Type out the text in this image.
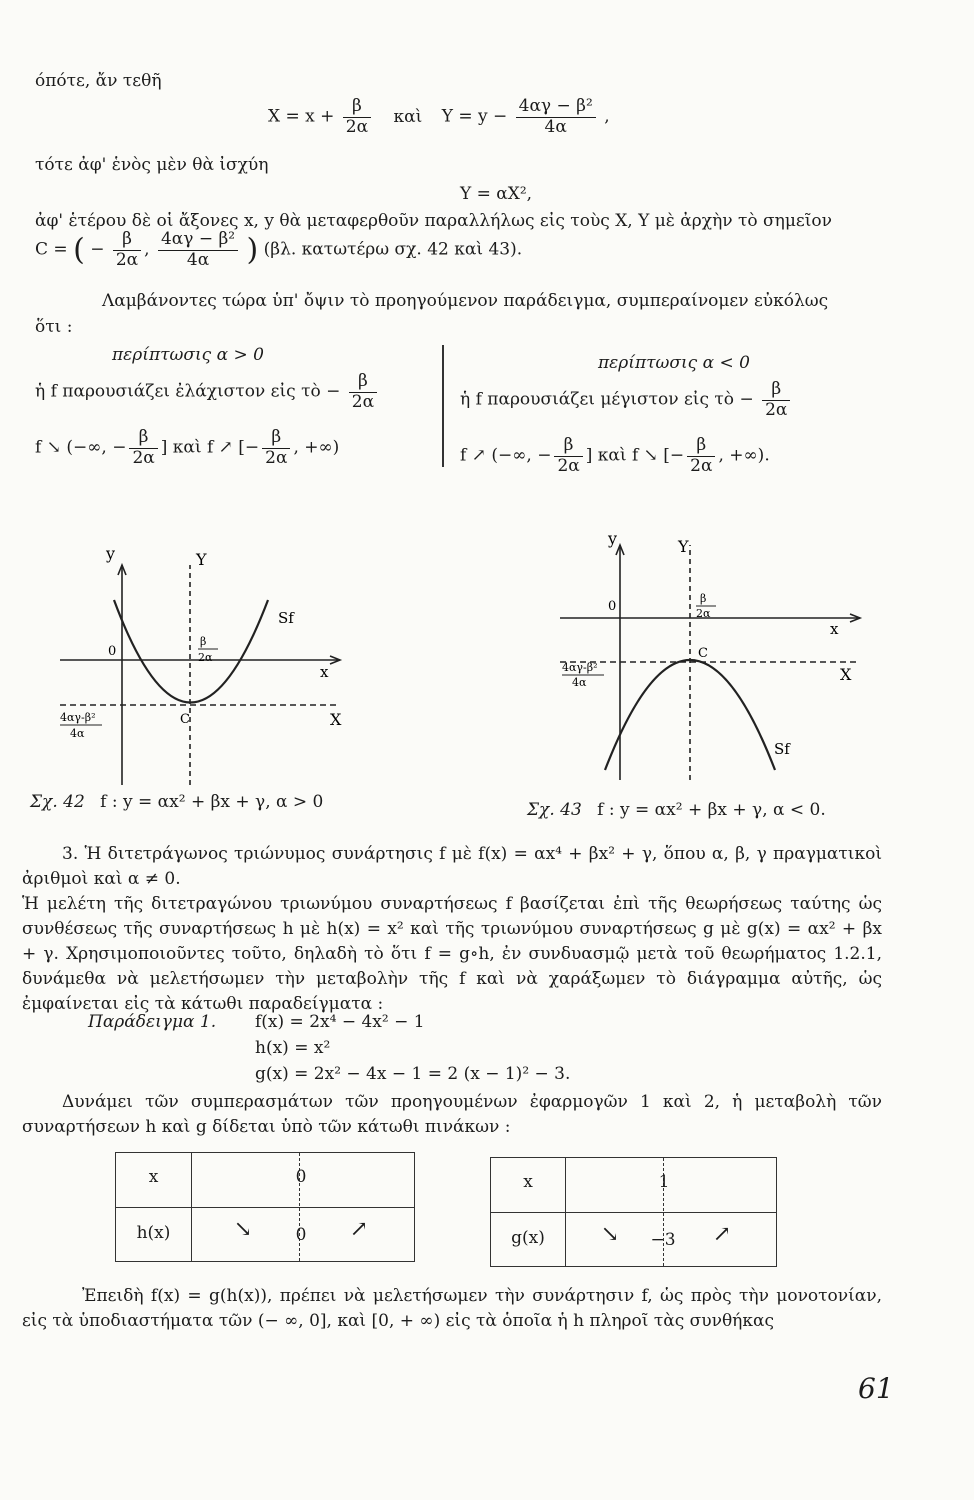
όπότε, ἄν τεθῆ
$X = x + \frac{\beta}{2\alpha}$ καὶ $Y = y - \frac{\text{4αγ − β²}}{4\alpha}$ ,
τότε ἀφ' ἑνὸς μὲν θὰ ἰσχύη
Y = αX²,
ἀφ' ἑτέρου δὲ οἱ ἄξονες x, y θὰ μεταφερθοῦν παραλλήλως εἰς τοὺς X, Y μὲ ἀρχὴν τὸ σημεῖον
C = ( − $\frac{\beta}{2\alpha}$ , $\frac{\text{4αγ − β²}}{4\alpha}$ ) (βλ. κατωτέρω σχ. 42 καὶ 43).
Λαμβάνοντες τώρα ὑπ' ὄψιν τὸ προηγούμενον παράδειγμα, συμπεραίνομεν εὐκόλως
ὅτι :
περίπτωσις α > 0
ἡ f παρουσιάζει ἐλάχιστον εἰς τὸ − $\frac{\beta}{2\alpha}$
f ↘ (−∞, − $\frac{\beta}{2\alpha}$ ] καὶ f ↗ [− $\frac{\beta}{2\alpha}$ , +∞)
περίπτωσις α < 0
ἡ f παρουσιάζει μέγιστον εἰς τὸ − $\frac{\beta}{2\alpha}$
f ↗ (−∞, − $\frac{\beta}{2\alpha}$ ] καὶ f ↘ [− $\frac{\beta}{2\alpha}$ , +∞).
y	Y
0
x
X
Sf
C
β
2α
4αγ-β²
4α
Σχ. 42 f : y = αx² + βx + γ, α > 0
y	Y
0
x
X
Sf
C
β
2α
4αγ-β²
4α
Σχ. 43 f : y = αx² + βx + γ, α < 0.
3. Ἡ διτετράγωνος τριώνυμος συνάρτησις f μὲ f(x) = αx⁴ + βx² + γ, ὅπου α, β, γ πραγματικοὶ ἀριθμοὶ καὶ α ≠ 0.
Ἡ μελέτη τῆς διτετραγώνου τριωνύμου συναρτήσεως f βασίζεται ἐπὶ τῆς θεωρήσεως ταύτης ὡς συνθέσεως τῆς συναρτήσεως h μὲ h(x) = x² καὶ τῆς τριωνύμου συναρτήσεως g μὲ g(x) = αx² + βx + γ. Χρησιμοποιοῦντες τοῦτο, δηλαδὴ τὸ ὅτι f = g∘h, ἐν συνδυασμῷ μετὰ τοῦ θεωρήματος 1.2.1, δυνάμεθα νὰ μελετήσωμεν τὴν μεταβολὴν τῆς f καὶ νὰ χαράξωμεν τὸ διάγραμμα αὐτῆς, ὡς ἐμφαίνεται εἰς τὰ κάτωθι παραδείγματα :
Παράδειγμα 1. f(x) = 2x⁴ − 4x² − 1
h(x) = x²
g(x) = 2x² − 4x − 1 = 2 (x − 1)² − 3.
Δυνάμει τῶν συμπερασμάτων τῶν προηγουμένων ἐφαρμογῶν 1 καὶ 2, ἡ μεταβολὴ τῶν συναρτήσεων h καὶ g δίδεται ὑπὸ τῶν κάτωθι πινάκων :
x	0
h(x)	↘	0	↗
x	1
g(x)	↘	−3	↗
Ἐπειδὴ f(x) = g(h(x)), πρέπει νὰ μελετήσωμεν τὴν συνάρτησιν f, ὡς πρὸς τὴν μονοτονίαν, εἰς τὰ ὑποδιαστήματα τῶν (− ∞, 0], καὶ [0, + ∞) εἰς τὰ ὁποῖα ἡ h πληροῖ τὰς συνθήκας
61
